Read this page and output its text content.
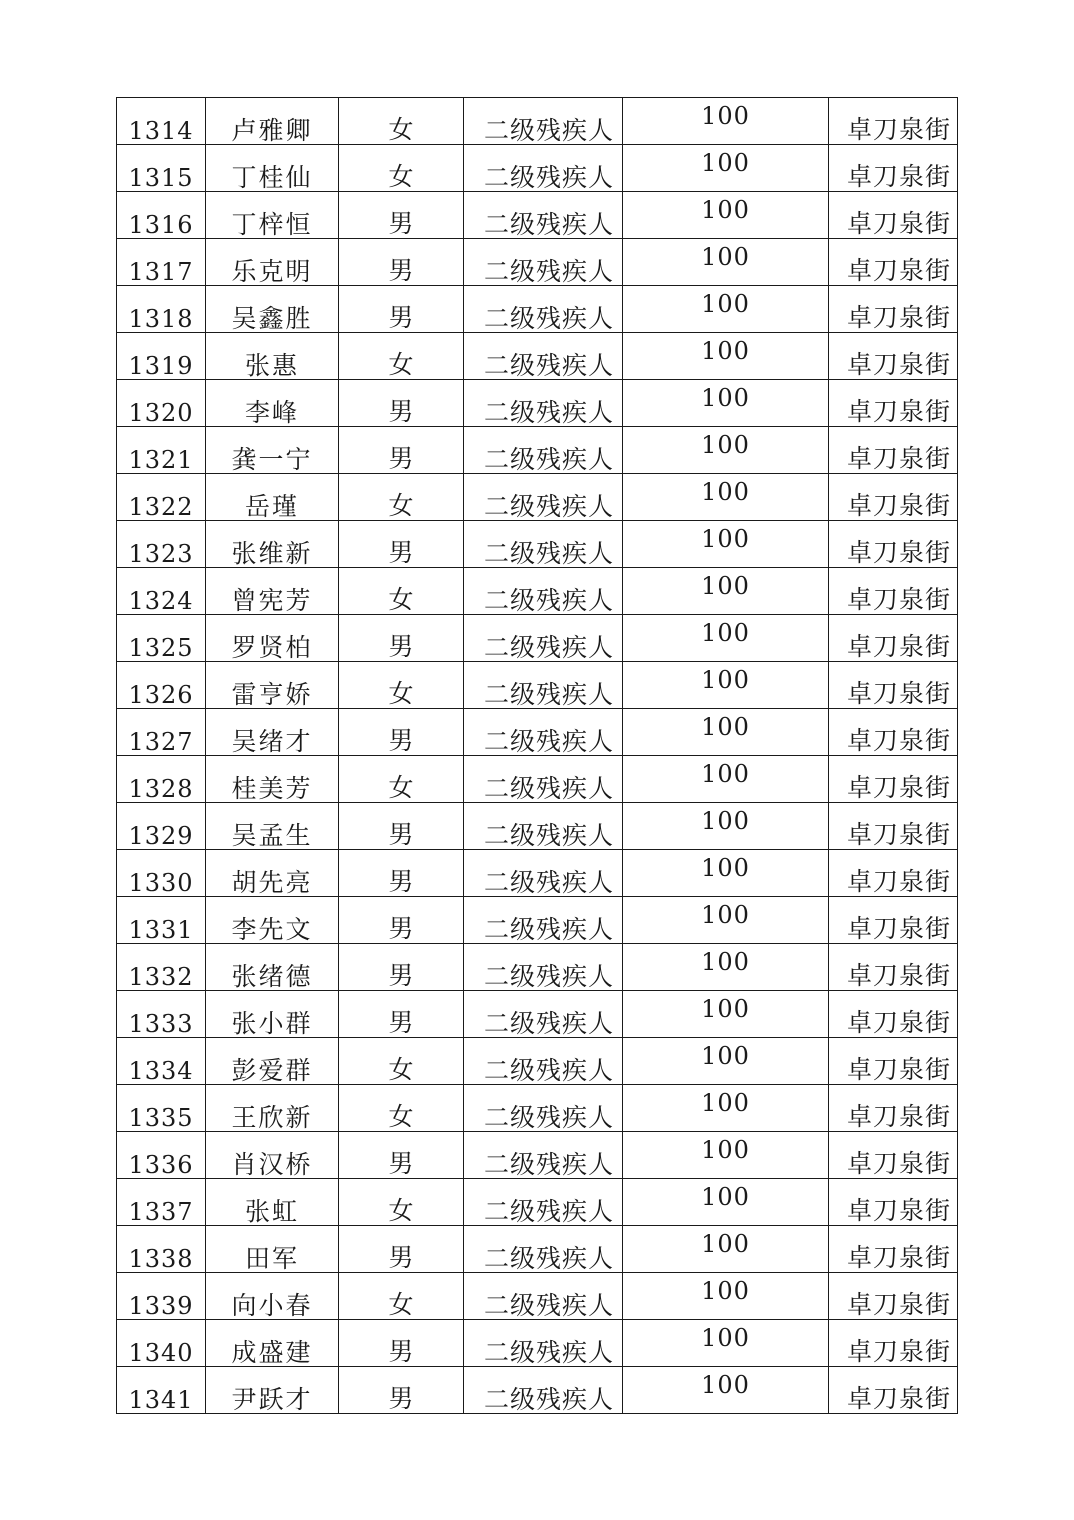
1314	卢雅卿	女	二级残疾人	100	卓刀泉街
1315	丁桂仙	女	二级残疾人	100	卓刀泉街
1316	丁梓恒	男	二级残疾人	100	卓刀泉街
1317	乐克明	男	二级残疾人	100	卓刀泉街
1318	吴鑫胜	男	二级残疾人	100	卓刀泉街
1319	张惠	女	二级残疾人	100	卓刀泉街
1320	李峰	男	二级残疾人	100	卓刀泉街
1321	龚一宁	男	二级残疾人	100	卓刀泉街
1322	岳瑾	女	二级残疾人	100	卓刀泉街
1323	张维新	男	二级残疾人	100	卓刀泉街
1324	曾宪芳	女	二级残疾人	100	卓刀泉街
1325	罗贤柏	男	二级残疾人	100	卓刀泉街
1326	雷亨娇	女	二级残疾人	100	卓刀泉街
1327	吴绪才	男	二级残疾人	100	卓刀泉街
1328	桂美芳	女	二级残疾人	100	卓刀泉街
1329	吴孟生	男	二级残疾人	100	卓刀泉街
1330	胡先亮	男	二级残疾人	100	卓刀泉街
1331	李先文	男	二级残疾人	100	卓刀泉街
1332	张绪德	男	二级残疾人	100	卓刀泉街
1333	张小群	男	二级残疾人	100	卓刀泉街
1334	彭爱群	女	二级残疾人	100	卓刀泉街
1335	王欣新	女	二级残疾人	100	卓刀泉街
1336	肖汉桥	男	二级残疾人	100	卓刀泉街
1337	张虹	女	二级残疾人	100	卓刀泉街
1338	田军	男	二级残疾人	100	卓刀泉街
1339	向小春	女	二级残疾人	100	卓刀泉街
1340	成盛建	男	二级残疾人	100	卓刀泉街
1341	尹跃才	男	二级残疾人	100	卓刀泉街
